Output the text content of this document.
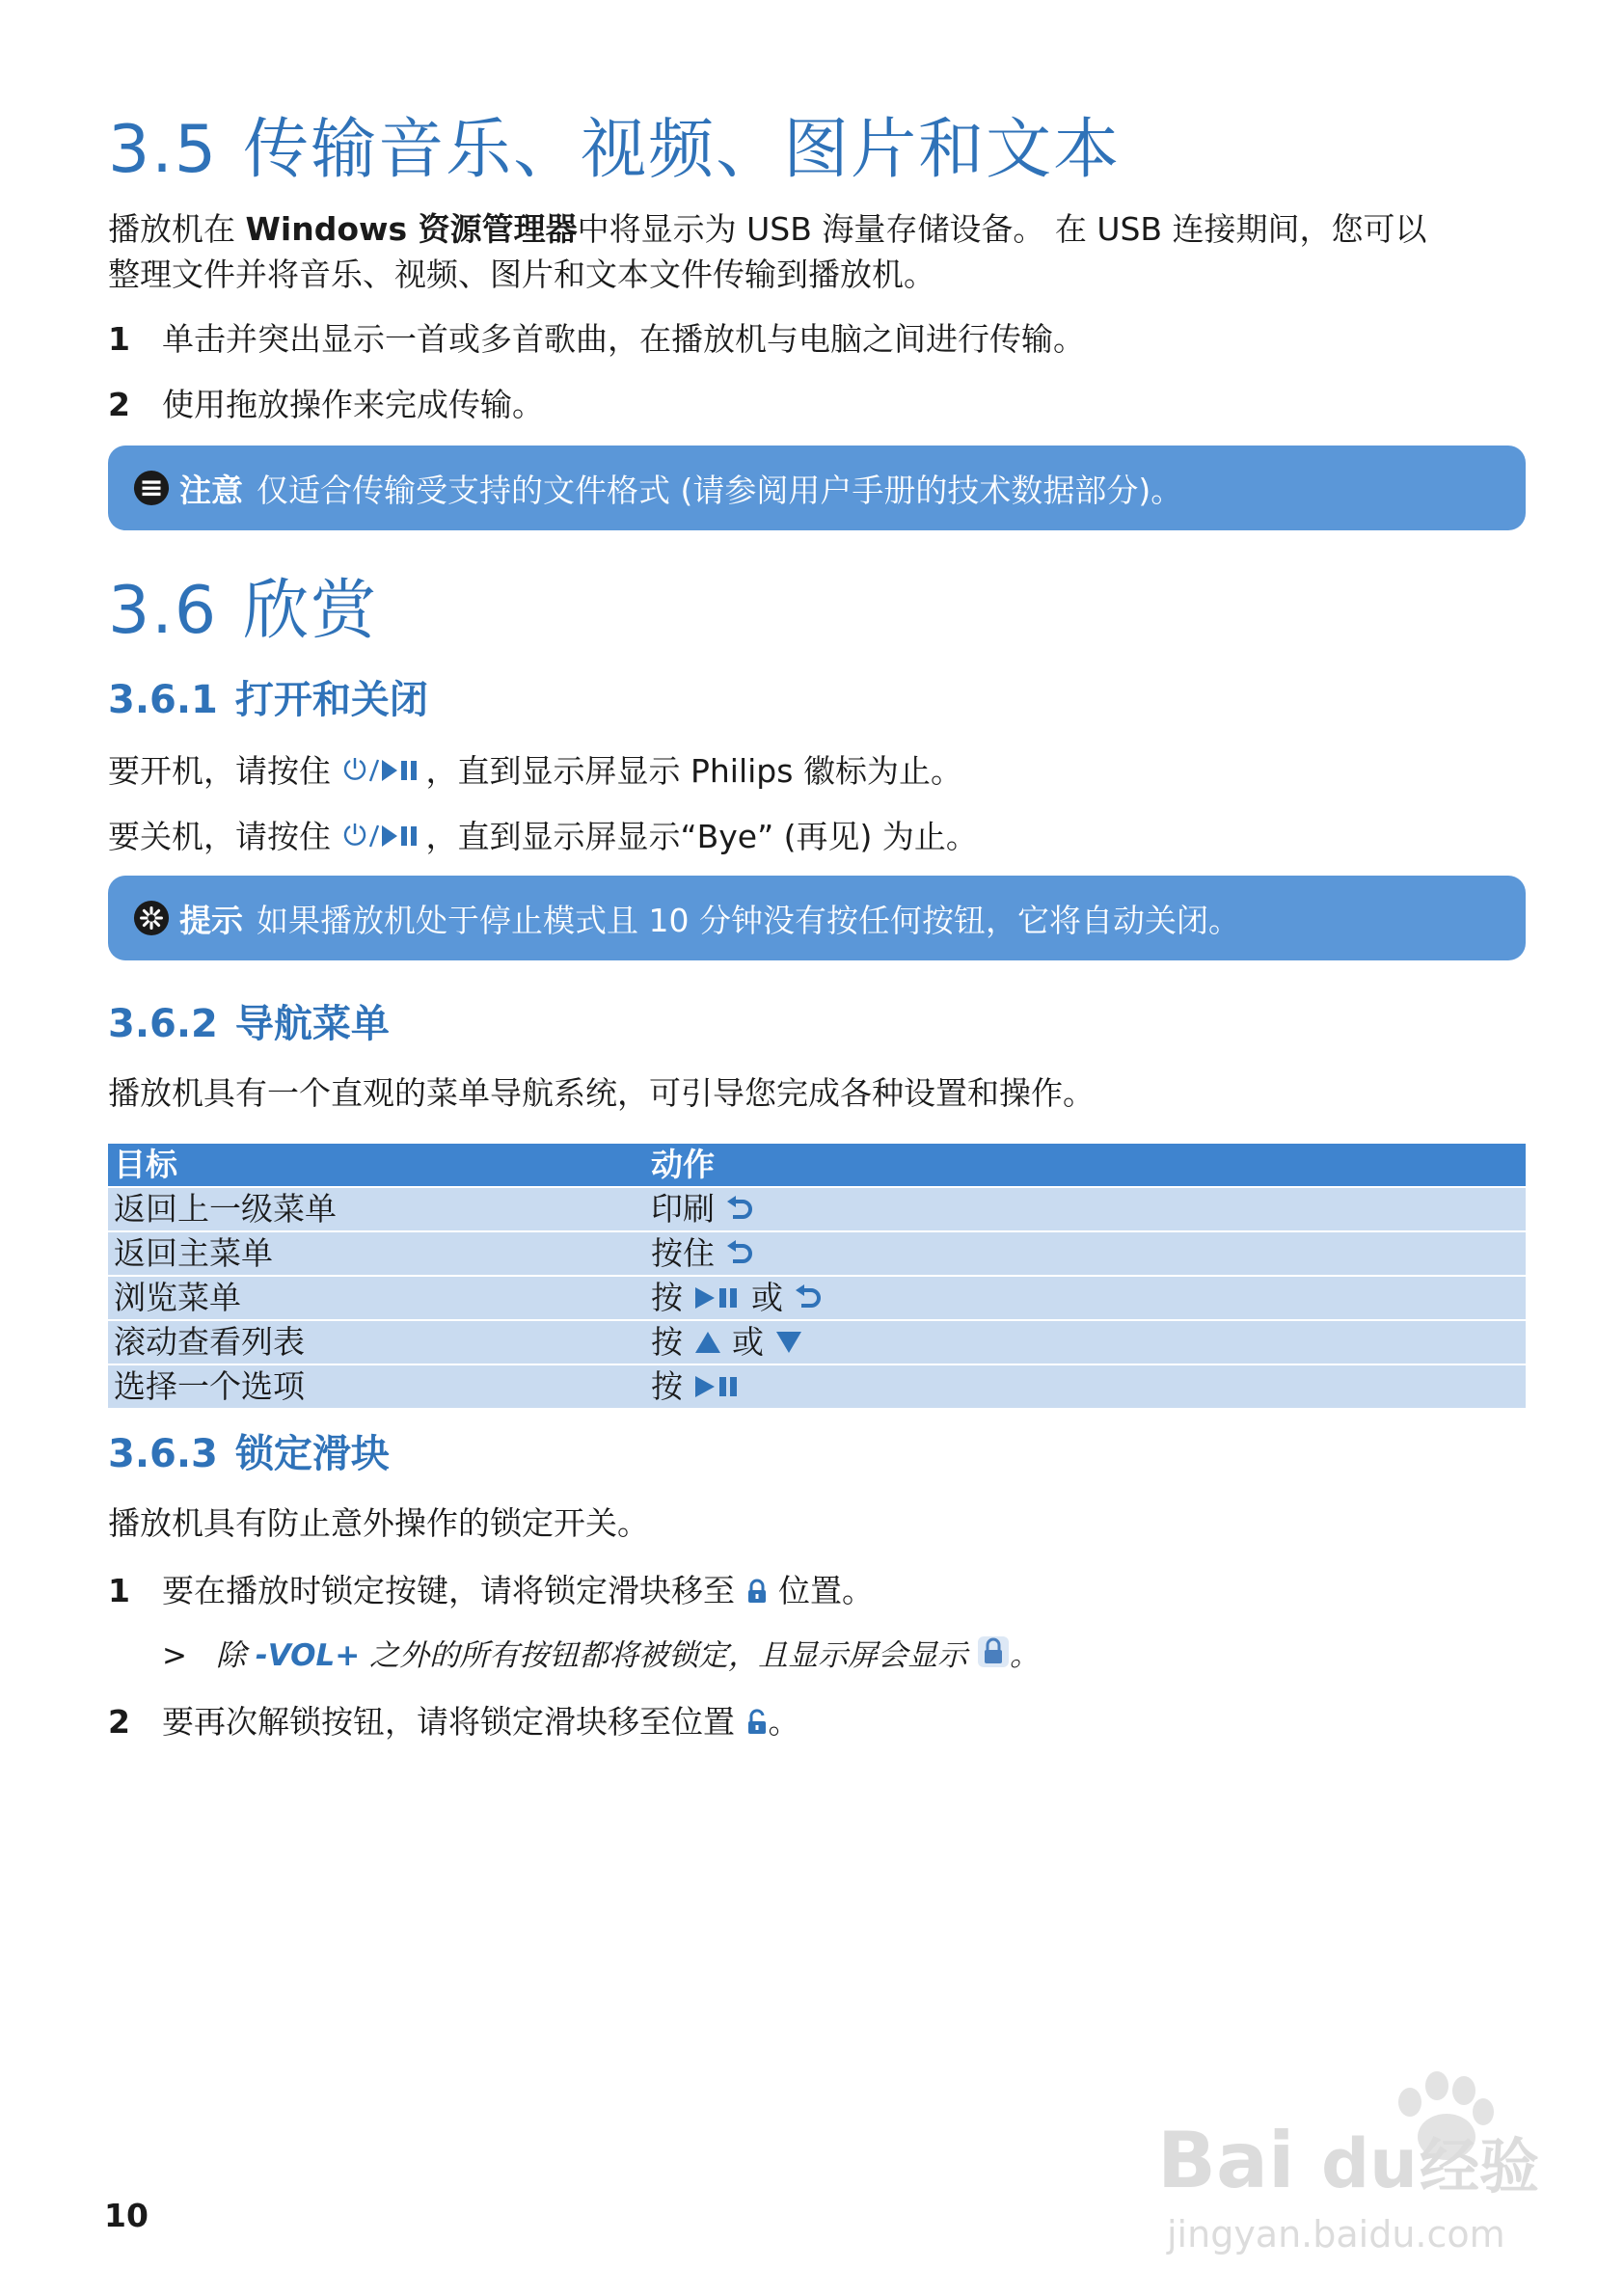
3.5 传输音乐、视频、图片和文本
播放机在 Windows 资源管理器中将显示为 USB 海量存储设备。 在 USB 连接期间，您可以
整理文件并将音乐、视频、图片和文本文件传输到播放机。
1 单击并突出显示一首或多首歌曲，在播放机与电脑之间进行传输。
2 使用拖放操作来完成传输。
注意 仅适合传输受支持的文件格式 (请参阅用户手册的技术数据部分)。
3.6 欣赏
3.6.1 打开和关闭
要开机，请按住	，直到显示屏显示 Philips 徽标为止。
要关机，请按住	，直到显示屏显示“Bye” (再见) 为止。
提示 如果播放机处于停止模式且 10 分钟没有按任何按钮，它将自动关闭。
3.6.2 导航菜单
播放机具有一个直观的菜单导航系统，可引导您完成各种设置和操作。
目标	动作
返回上一级菜单	印刷
返回主菜单	按住
浏览菜单	按 或
滚动查看列表	按 或
选择一个选项	按
3.6.3 锁定滑块
播放机具有防止意外操作的锁定开关。
1 要在播放时锁定按键，请将锁定滑块移至  位置。
> 除 -VOL+ 之外的所有按钮都将被锁定，且显示屏会显示 。
2 要再次解锁按钮，请将锁定滑块移至位置 。
10
Bai du 经验
jingyan.baidu.com
